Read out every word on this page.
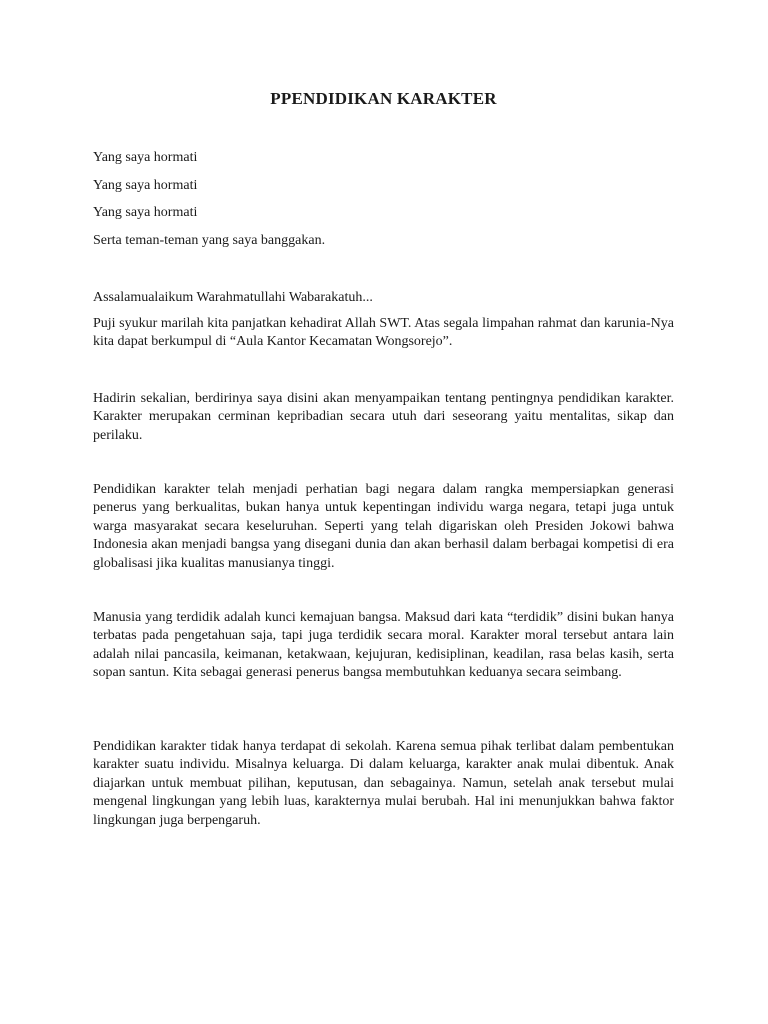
PPENDIDIKAN KARAKTER
Yang saya hormati
Yang saya hormati
Yang saya hormati
Serta teman-teman yang saya banggakan.

Assalamualaikum Warahmatullahi Wabarakatuh...

Puji syukur marilah kita panjatkan kehadirat Allah SWT. Atas segala limpahan rahmat dan karunia-Nya kita dapat berkumpul di “Aula Kantor Kecamatan Wongsorejo”.

Hadirin sekalian, berdirinya saya disini akan menyampaikan tentang pentingnya pendidikan karakter. Karakter merupakan cerminan kepribadian secara utuh dari seseorang yaitu mentalitas, sikap dan perilaku.

Pendidikan karakter telah menjadi perhatian bagi negara dalam rangka mempersiapkan generasi penerus yang berkualitas, bukan hanya untuk kepentingan individu warga negara, tetapi juga untuk warga masyarakat secara keseluruhan. Seperti yang telah digariskan oleh Presiden Jokowi bahwa Indonesia akan menjadi bangsa yang disegani dunia dan akan berhasil dalam berbagai kompetisi di era globalisasi jika kualitas manusianya tinggi.

Manusia yang terdidik adalah kunci kemajuan bangsa. Maksud dari kata “terdidik” disini bukan hanya terbatas pada pengetahuan saja, tapi juga terdidik secara moral. Karakter moral tersebut antara lain adalah nilai pancasila, keimanan, ketakwaan, kejujuran, kedisiplinan, keadilan, rasa belas kasih, serta sopan santun. Kita sebagai generasi penerus bangsa membutuhkan keduanya secara seimbang.

Pendidikan karakter tidak hanya terdapat di sekolah. Karena semua pihak terlibat dalam pembentukan karakter suatu individu. Misalnya keluarga. Di dalam keluarga, karakter anak mulai dibentuk. Anak diajarkan untuk membuat pilihan, keputusan, dan sebagainya. Namun, setelah anak tersebut mulai mengenal lingkungan yang lebih luas, karakternya mulai berubah. Hal ini menunjukkan bahwa faktor lingkungan juga berpengaruh.
